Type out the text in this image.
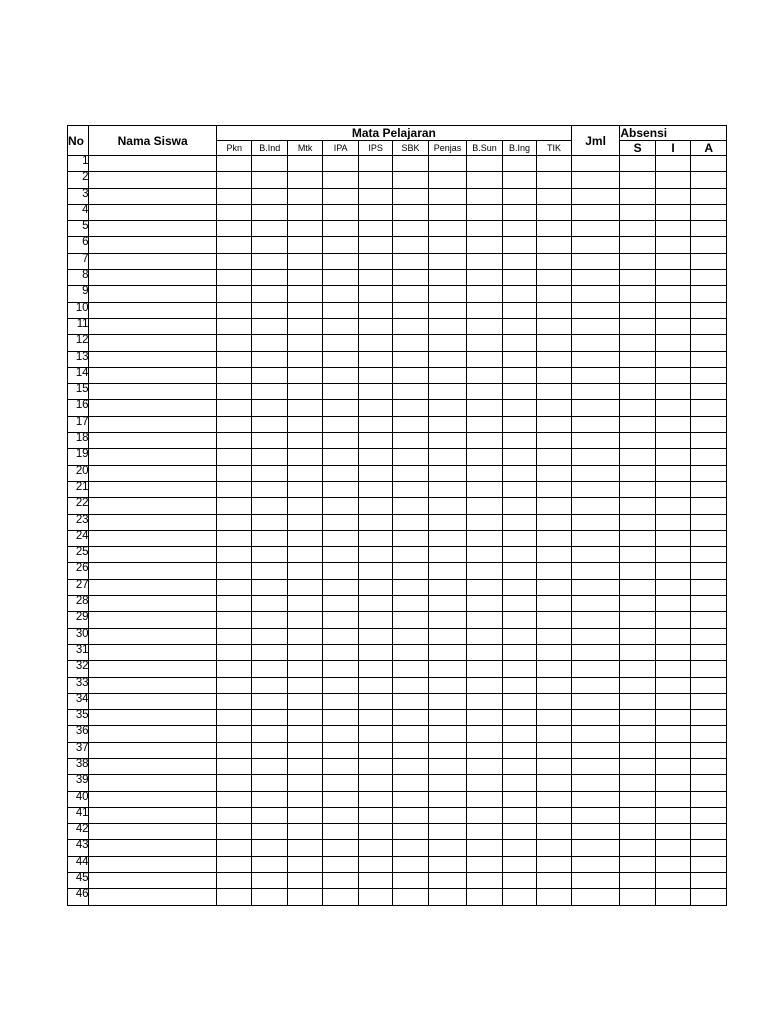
No	Nama Siswa	Mata Pelajaran										Jml	Absensi		
		Pkn	B.Ind	Mtk	IPA	IPS	SBK	Penjas	B.Sun	B.Ing	TIK		S	I	A
1															
2															
3															
4															
5															
6															
7															
8															
9															
10															
11															
12															
13															
14															
15															
16															
17															
18															
19															
20															
21															
22															
23															
24															
25															
26															
27															
28															
29															
30															
31															
32															
33															
34															
35															
36															
37															
38															
39															
40															
41															
42															
43															
44															
45															
46															
